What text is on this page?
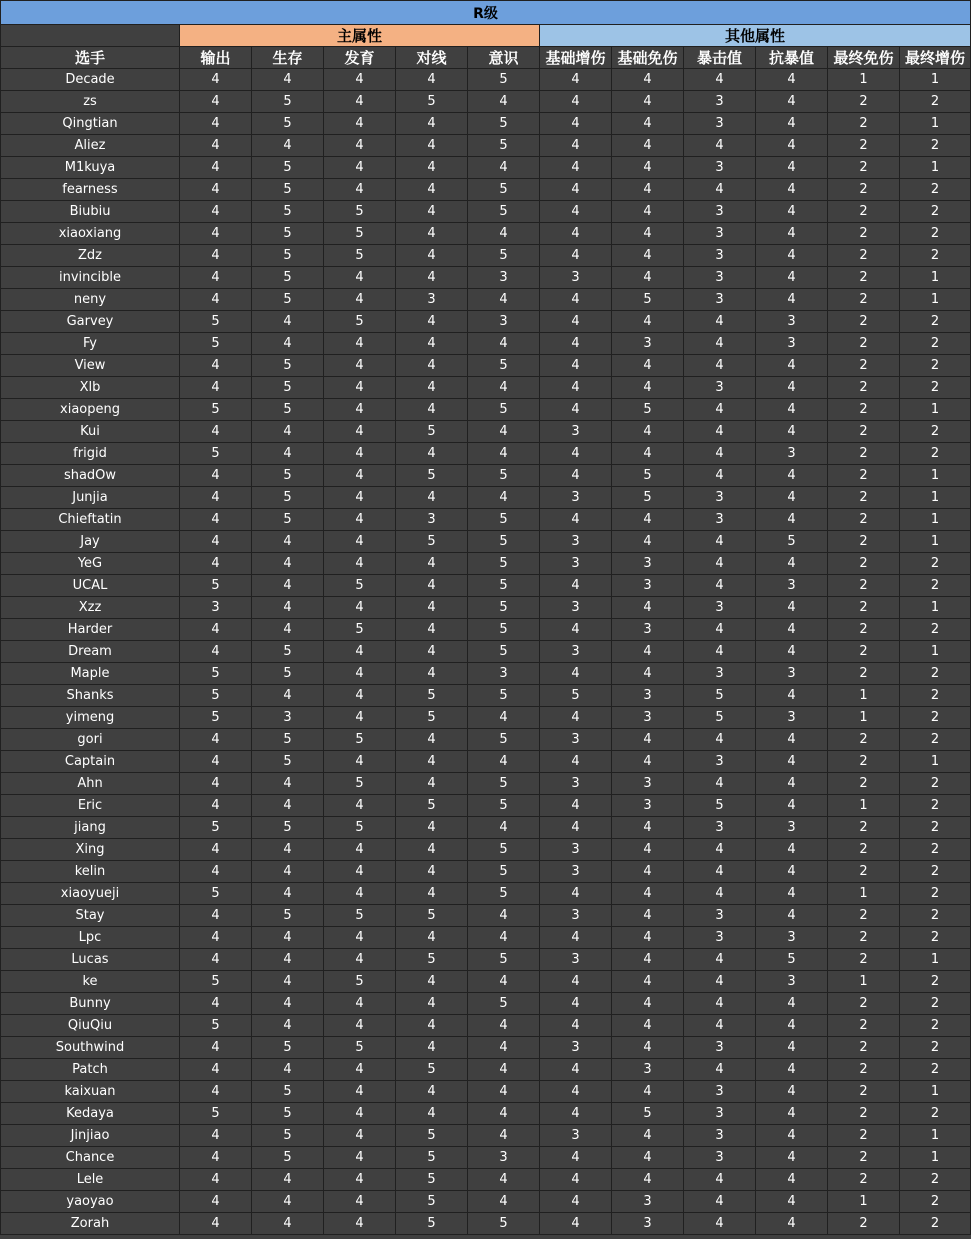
R级											
	主属性					其他属性					
选手	输出	生存	发育	对线	意识	基础增伤	基础免伤	暴击值	抗暴值	最终免伤	最终增伤
Decade	4	4	4	4	5	4	4	4	4	1	1
zs	4	5	4	5	4	4	4	3	4	2	2
Qingtian	4	5	4	4	5	4	4	3	4	2	1
Aliez	4	4	4	4	5	4	4	4	4	2	2
M1kuya	4	5	4	4	4	4	4	3	4	2	1
fearness	4	5	4	4	5	4	4	4	4	2	2
Biubiu	4	5	5	4	5	4	4	3	4	2	2
xiaoxiang	4	5	5	4	4	4	4	3	4	2	2
Zdz	4	5	5	4	5	4	4	3	4	2	2
invincible	4	5	4	4	3	3	4	3	4	2	1
neny	4	5	4	3	4	4	5	3	4	2	1
Garvey	5	4	5	4	3	4	4	4	3	2	2
Fy	5	4	4	4	4	4	3	4	3	2	2
View	4	5	4	4	5	4	4	4	4	2	2
Xlb	4	5	4	4	4	4	4	3	4	2	2
xiaopeng	5	5	4	4	5	4	5	4	4	2	1
Kui	4	4	4	5	4	3	4	4	4	2	2
frigid	5	4	4	4	4	4	4	4	3	2	2
shadOw	4	5	4	5	5	4	5	4	4	2	1
Junjia	4	5	4	4	4	3	5	3	4	2	1
Chieftatin	4	5	4	3	5	4	4	3	4	2	1
Jay	4	4	4	5	5	3	4	4	5	2	1
YeG	4	4	4	4	5	3	3	4	4	2	2
UCAL	5	4	5	4	5	4	3	4	3	2	2
Xzz	3	4	4	4	5	3	4	3	4	2	1
Harder	4	4	5	4	5	4	3	4	4	2	2
Dream	4	5	4	4	5	3	4	4	4	2	1
Maple	5	5	4	4	3	4	4	3	3	2	2
Shanks	5	4	4	5	5	5	3	5	4	1	2
yimeng	5	3	4	5	4	4	3	5	3	1	2
gori	4	5	5	4	5	3	4	4	4	2	2
Captain	4	5	4	4	4	4	4	3	4	2	1
Ahn	4	4	5	4	5	3	3	4	4	2	2
Eric	4	4	4	5	5	4	3	5	4	1	2
jiang	5	5	5	4	4	4	4	3	3	2	2
Xing	4	4	4	4	5	3	4	4	4	2	2
kelin	4	4	4	4	5	3	4	4	4	2	2
xiaoyueji	5	4	4	4	5	4	4	4	4	1	2
Stay	4	5	5	5	4	3	4	3	4	2	2
Lpc	4	4	4	4	4	4	4	3	3	2	2
Lucas	4	4	4	5	5	3	4	4	5	2	1
ke	5	4	5	4	4	4	4	4	3	1	2
Bunny	4	4	4	4	5	4	4	4	4	2	2
QiuQiu	5	4	4	4	4	4	4	4	4	2	2
Southwind	4	5	5	4	4	3	4	3	4	2	2
Patch	4	4	4	5	4	4	3	4	4	2	2
kaixuan	4	5	4	4	4	4	4	3	4	2	1
Kedaya	5	5	4	4	4	4	5	3	4	2	2
Jinjiao	4	5	4	5	4	3	4	3	4	2	1
Chance	4	5	4	5	3	4	4	3	4	2	1
Lele	4	4	4	5	4	4	4	4	4	2	2
yaoyao	4	4	4	5	4	4	3	4	4	1	2
Zorah	4	4	4	5	5	4	3	4	4	2	2
